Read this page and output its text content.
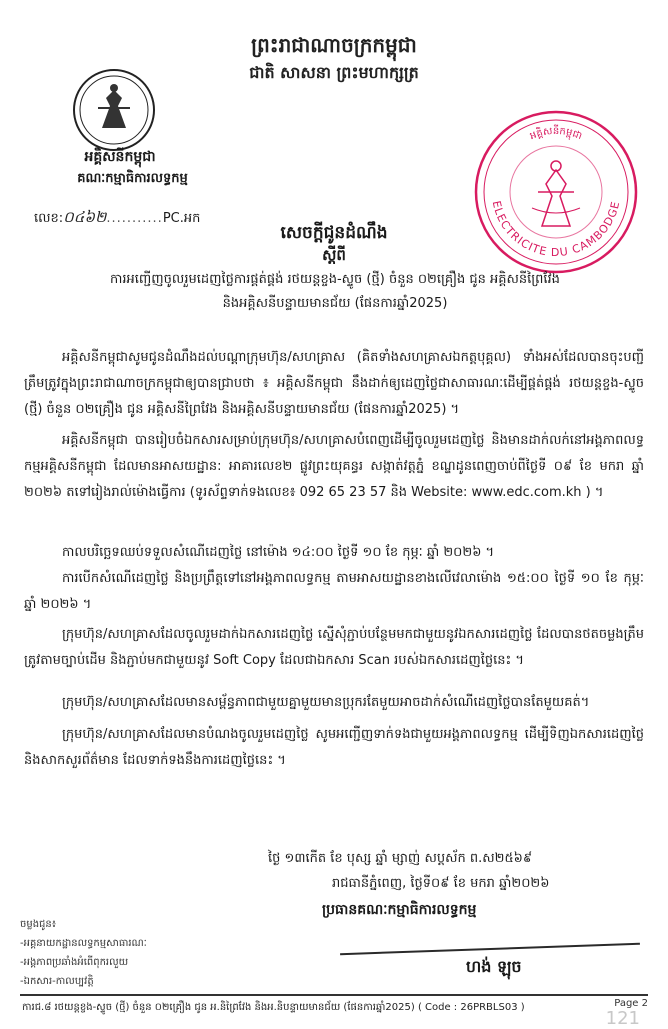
ព្រះរាជាណាចក្រកម្ពុជា
ជាតិ សាសនា ព្រះមហាក្សត្រ
អគ្គិសនីកម្ពុជា
គណៈកម្មាធិការលទ្ធកម្ម
លេខ:០៤៦២...........PC.អក
ELECTRICITE DU CAMBODGE
អគ្គិសនីកម្ពុជា
សេចក្តីជូនដំណឹង
ស្តីពី
ការអញ្ជើញចូលរួមដេញថ្លៃការផ្គត់ផ្គង់ រថយន្តខ្ចង-ស្ទូច (ថ្មី) ចំនួន ០២គ្រឿង ជូន អគ្គិសនីព្រៃវែង
និងអគ្គិសនីបន្ទាយមានជ័យ (ផែនការឆ្នាំ2025)
អគ្គិសនីកម្ពុជាសូមជូនដំណឹងដល់បណ្តាក្រុមហ៊ុន/សហគ្រាស (គិតទាំងសហគ្រាសឯកត្តបុគ្គល) ទាំងអស់ដែលបានចុះបញ្ជីត្រឹមត្រូវក្នុងព្រះរាជាណាចក្រកម្ពុជាឲ្យបានជ្រាបថា ៖ អគ្គិសនីកម្ពុជា នឹងដាក់ឲ្យដេញថ្លៃជាសាធារណៈដើម្បីផ្គត់ផ្គង់ រថយន្តខ្ចង-ស្ទូច (ថ្មី) ចំនួន ០២គ្រឿង ជូន អគ្គិសនីព្រៃវែង និងអគ្គិសនីបន្ទាយមានជ័យ (ផែនការឆ្នាំ2025) ។
អគ្គិសនីកម្ពុជា បានរៀបចំឯកសារសម្រាប់ក្រុមហ៊ុន/សហគ្រាសបំពេញដើម្បីចូលរួមដេញថ្លៃ និងមានដាក់លក់នៅអង្គភាពលទ្ធកម្មអគ្គិសនីកម្ពុជា ដែលមានអាសយដ្ឋាន: អាគារលេខ២ ផ្លូវព្រះយុគន្ធរ សង្កាត់វត្តភ្នំ ខណ្ឌដូនពេញចាប់ពីថ្ងៃទី ០៩ ខែ មករា ឆ្នាំ ២០២៦ តទៅរៀងរាល់ម៉ោងធ្វើការ (ទូរស័ព្ទទាក់ទងលេខ៖ 092 65 23 57 និង Website: www.edc.com.kh ) ។
កាលបរិច្ឆេទឈប់ទទួលសំណើដេញថ្លៃ នៅម៉ោង ១៤:០០ ថ្ងៃទី ១០ ខែ កុម្ភៈ ឆ្នាំ ២០២៦ ។
ការបើកសំណើដេញថ្លៃ និងប្រព្រឹត្តទៅនៅអង្គភាពលទ្ធកម្ម តាមអាសយដ្ឋានខាងលើវេលាម៉ោង ១៥:០០ ថ្ងៃទី ១០ ខែ កុម្ភៈ ឆ្នាំ ២០២៦ ។
ក្រុមហ៊ុន/សហគ្រាសដែលចូលរួមដាក់ឯកសារដេញថ្លៃ ស្នើសុំភ្ជាប់បន្ថែមមកជាមួយនូវឯកសារដេញថ្លៃ ដែលបានថតចម្លងត្រឹមត្រូវតាមច្បាប់ដើម និងភ្ជាប់មកជាមួយនូវ Soft Copy ដែលជាឯកសារ Scan របស់ឯកសារដេញថ្លៃនេះ ។
ក្រុមហ៊ុន/សហគ្រាសដែលមានសម្ព័ន្ធភាពជាមួយគ្នាមួយមានប្រុករតែមួយអាចដាក់សំណើដេញថ្លៃបានតែមួយគត់។
ក្រុមហ៊ុន/សហគ្រាសដែលមានបំណងចូលរួមដេញថ្លៃ សូមអញ្ជើញទាក់ទងជាមួយអង្គភាពលទ្ធកម្ម ដើម្បីទិញឯកសារដេញថ្លៃ និងសាកសួរព័ត៌មាន ដែលទាក់ទងនឹងការដេញថ្លៃនេះ ។
ថ្ងៃ ១៣កើត ខែ បុស្ស ឆ្នាំ ម្សាញ់ សប្តស័ក ព.ស២៥៦៩
រាជធានីភ្នំពេញ, ថ្ងៃទី០៩ ខែ មករា ឆ្នាំ២០២៦
ប្រធានគណៈកម្មាធិការលទ្ធកម្ម
ចម្លងជូន៖
-អគ្គនាយកដ្ឋានលទ្ធកម្មសាធារណៈ
-អង្គភាពប្រឆាំងអំពើពុករលួយ
-ឯកសារ-កាលប្បវត្តិ
ហង់ ឡុច
ការជ.៨ រថយន្តខ្ចង-ស្ទូច (ថ្មី) ចំនួន ០២គ្រឿង ជូន អ.និព្រៃវែង និងអ.និបន្ទាយមានជ័យ (ផែនការឆ្នាំ2025) ( Code : 26PRBLS03 )	Page 2
121
